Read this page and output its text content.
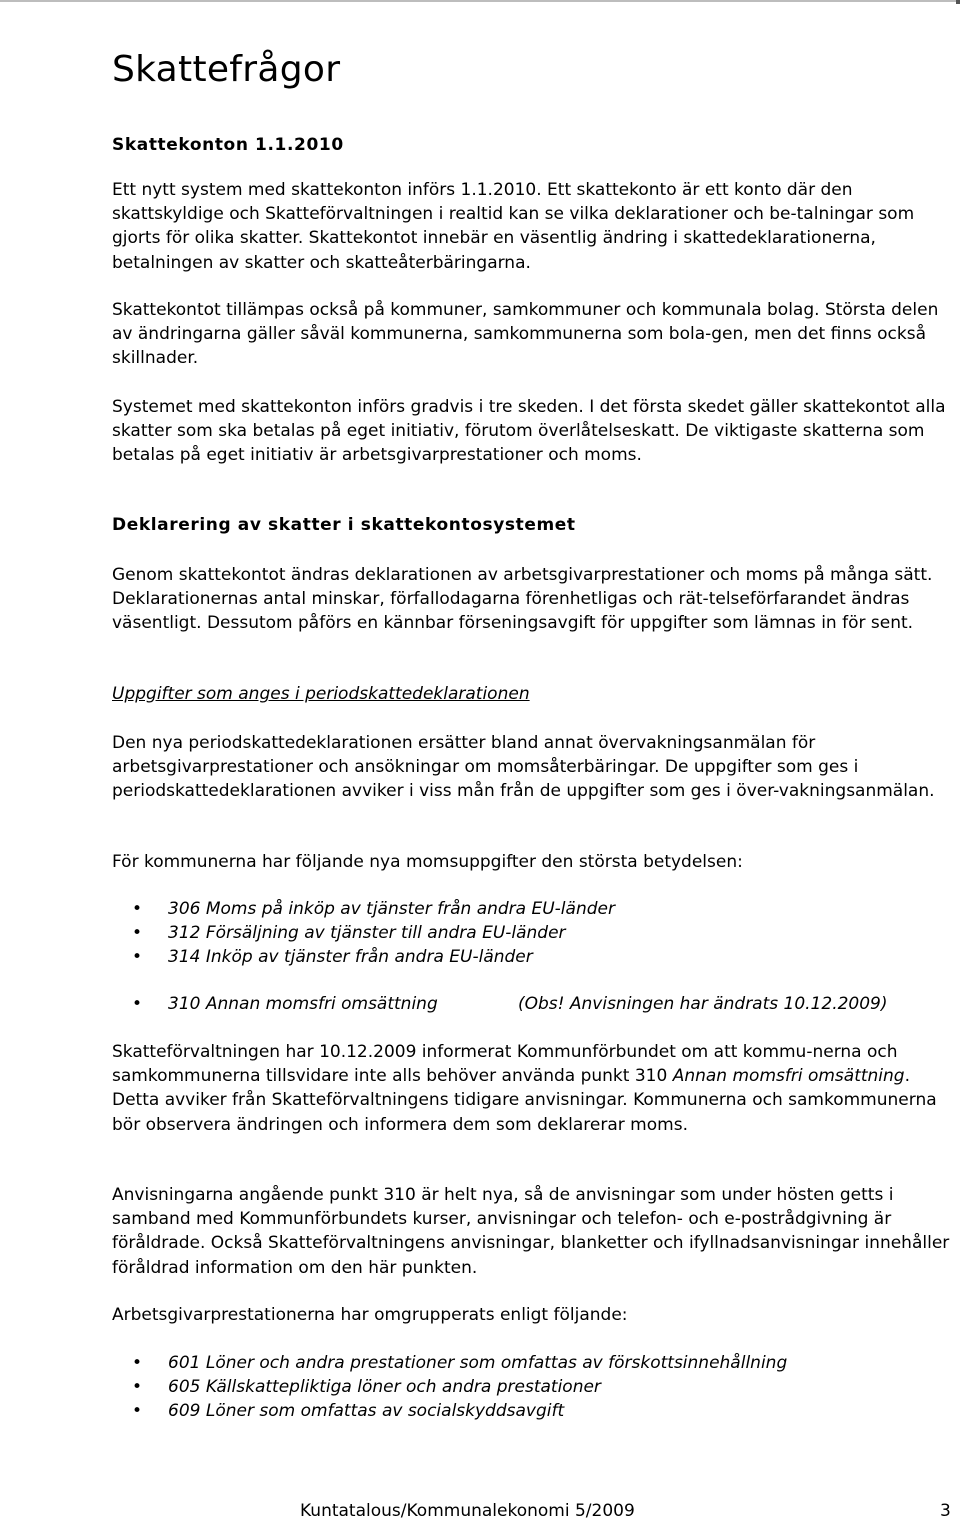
Skattefrågor
Skattekonton 1.1.2010

Ett nytt system med skattekonton införs 1.1.2010. Ett skattekonto är ett konto där den skattskyldige och Skatteförvaltningen i realtid kan se vilka deklarationer och be-talningar som gjorts för olika skatter. Skattekontot innebär en väsentlig ändring i skattedeklarationerna, betalningen av skatter och skatteåterbäringarna.

Skattekontot tillämpas också på kommuner, samkommuner och kommunala bolag. Största delen av ändringarna gäller såväl kommunerna, samkommunerna som bola-gen, men det finns också skillnader.

Systemet med skattekonton införs gradvis i tre skeden. I det första skedet gäller skattekontot alla skatter som ska betalas på eget initiativ, förutom överlåtelseskatt. De viktigaste skatterna som betalas på eget initiativ är arbetsgivarprestationer och moms.

Deklarering av skatter i skattekontosystemet

Genom skattekontot ändras deklarationen av arbetsgivarprestationer och moms på många sätt. Deklarationernas antal minskar, förfallodagarna förenhetligas och rät-telseförfarandet ändras väsentligt. Dessutom påförs en kännbar förseningsavgift för uppgifter som lämnas in för sent.

Uppgifter som anges i periodskattedeklarationen

Den nya periodskattedeklarationen ersätter bland annat övervakningsanmälan för arbetsgivarprestationer och ansökningar om momsåterbäringar. De uppgifter som ges i periodskattedeklarationen avviker i viss mån från de uppgifter som ges i över-vakningsanmälan.

För kommunerna har följande nya momsuppgifter den största betydelsen:

• 306 Moms på inköp av tjänster från andra EU-länder
• 312 Försäljning av tjänster till andra EU-länder
• 314 Inköp av tjänster från andra EU-länder
• 310 Annan momsfri omsättning	(Obs! Anvisningen har ändrats 10.12.2009)

Skatteförvaltningen har 10.12.2009 informerat Kommunförbundet om att kommu-nerna och samkommunerna tillsvidare inte alls behöver använda punkt 310 Annan momsfri omsättning. Detta avviker från Skatteförvaltningens tidigare anvisningar. Kommunerna och samkommunerna bör observera ändringen och informera dem som deklarerar moms.

Anvisningarna angående punkt 310 är helt nya, så de anvisningar som under hösten getts i samband med Kommunförbundets kurser, anvisningar och telefon- och e-postrådgivning är föråldrade. Också Skatteförvaltningens anvisningar, blanketter och ifyllnadsanvisningar innehåller föråldrad information om den här punkten.

Arbetsgivarprestationerna har omgrupperats enligt följande:

• 601 Löner och andra prestationer som omfattas av förskottsinnehållning
• 605 Källskattepliktiga löner och andra prestationer
• 609 Löner som omfattas av socialskyddsavgift
Kuntatalous/Kommunalekonomi 5/2009	3
